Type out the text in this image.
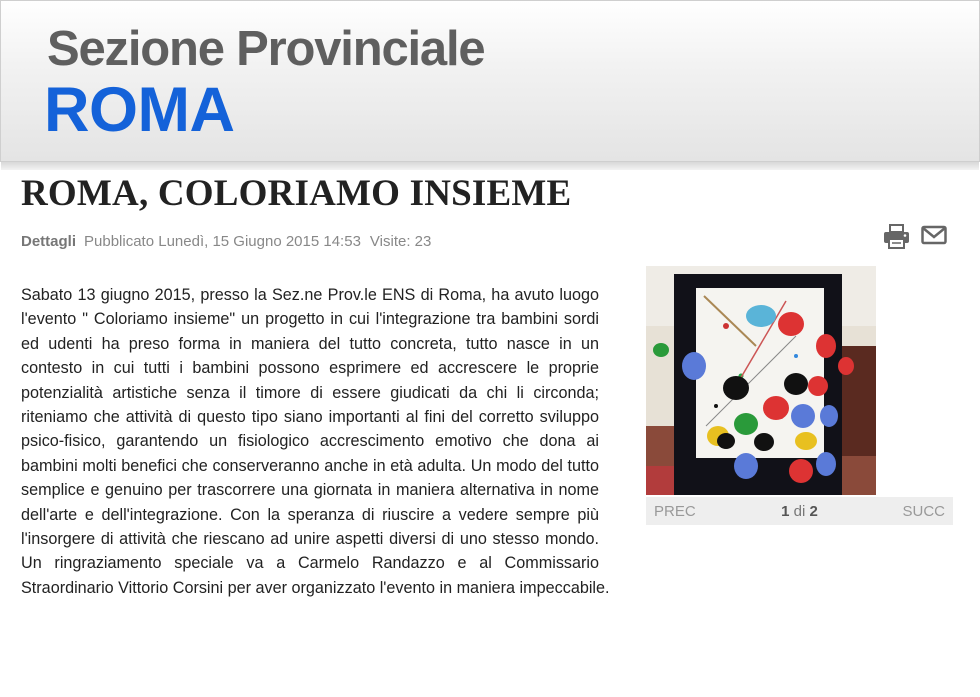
Sezione Provinciale
ROMA
ROMA, COLORIAMO INSIEME
Dettagli Pubblicato Lunedì, 15 Giugno 2015 14:53 Visite: 23

Sabato 13 giugno 2015, presso la Sez.ne Prov.le ENS di Roma, ha avuto luogo l'evento " Coloriamo insieme" un progetto in cui l'integrazione tra bambini sordi ed udenti ha preso forma in maniera del tutto concreta, tutto nasce in un contesto in cui tutti i bambini possono esprimere ed accrescere le proprie potenzialità artistiche senza il timore di essere giudicati da chi li circonda; riteniamo che attività di questo tipo siano importanti al fini del corretto sviluppo psico-fisico, garantendo un fisiologico accrescimento emotivo che dona ai bambini molti benefici che conserveranno anche in età adulta. Un modo del tutto semplice e genuino per trascorrere una giornata in maniera alternativa in nome dell'arte e dell'integrazione. Con la speranza di riuscire a vedere sempre più l'insorgere di attività che riescano ad unire aspetti diversi di uno stesso mondo. Un ringraziamento speciale va a Carmelo Randazzo e al Commissario Straordinario Vittorio Corsini per aver organizzato l'evento in maniera impeccabile.

PREC	1 di 2	SUCC
